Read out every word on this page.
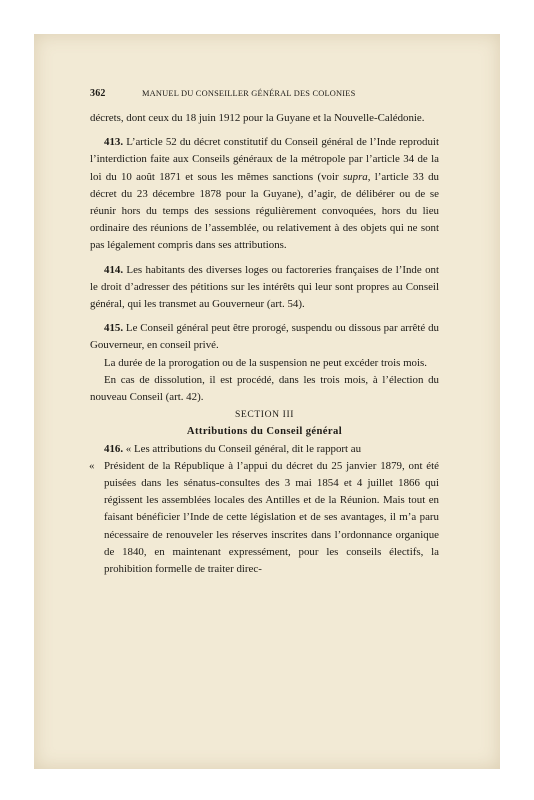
362	MANUEL DU CONSEILLER GÉNÉRAL DES COLONIES

décrets, dont ceux du 18 juin 1912 pour la Guyane et la Nouvelle-Calédonie.

413. L’article 52 du décret constitutif du Conseil général de l’Inde reproduit l’interdiction faite aux Conseils généraux de la métropole par l’article 34 de la loi du 10 août 1871 et sous les mêmes sanctions (voir supra, l’article 33 du décret du 23 décembre 1878 pour la Guyane), d’agir, de délibérer ou de se réunir hors du temps des sessions régulièrement convoquées, hors du lieu ordinaire des réunions de l’assemblée, ou relativement à des objets qui ne sont pas légalement compris dans ses attributions.

414. Les habitants des diverses loges ou factoreries françaises de l’Inde ont le droit d’adresser des pétitions sur les intérêts qui leur sont propres au Conseil général, qui les transmet au Gouverneur (art. 54).

415. Le Conseil général peut être prorogé, suspendu ou dissous par arrêté du Gouverneur, en conseil privé.

La durée de la prorogation ou de la suspension ne peut excéder trois mois.

En cas de dissolution, il est procédé, dans les trois mois, à l’élection du nouveau Conseil (art. 42).

SECTION III

Attributions du Conseil général

416. « Les attributions du Conseil général, dit le rapport au

« Président de la République à l’appui du décret du 25 janvier 1879, ont été puisées dans les sénatus-consultes des 3 mai 1854 et 4 juillet 1866 qui régissent les assemblées locales des Antilles et de la Réunion. Mais tout en faisant bénéficier l’Inde de cette législation et de ses avantages, il m’a paru nécessaire de renouveler les réserves inscrites dans l’ordonnance organique de 1840, en maintenant expressément, pour les conseils électifs, la prohibition formelle de traiter direc-
